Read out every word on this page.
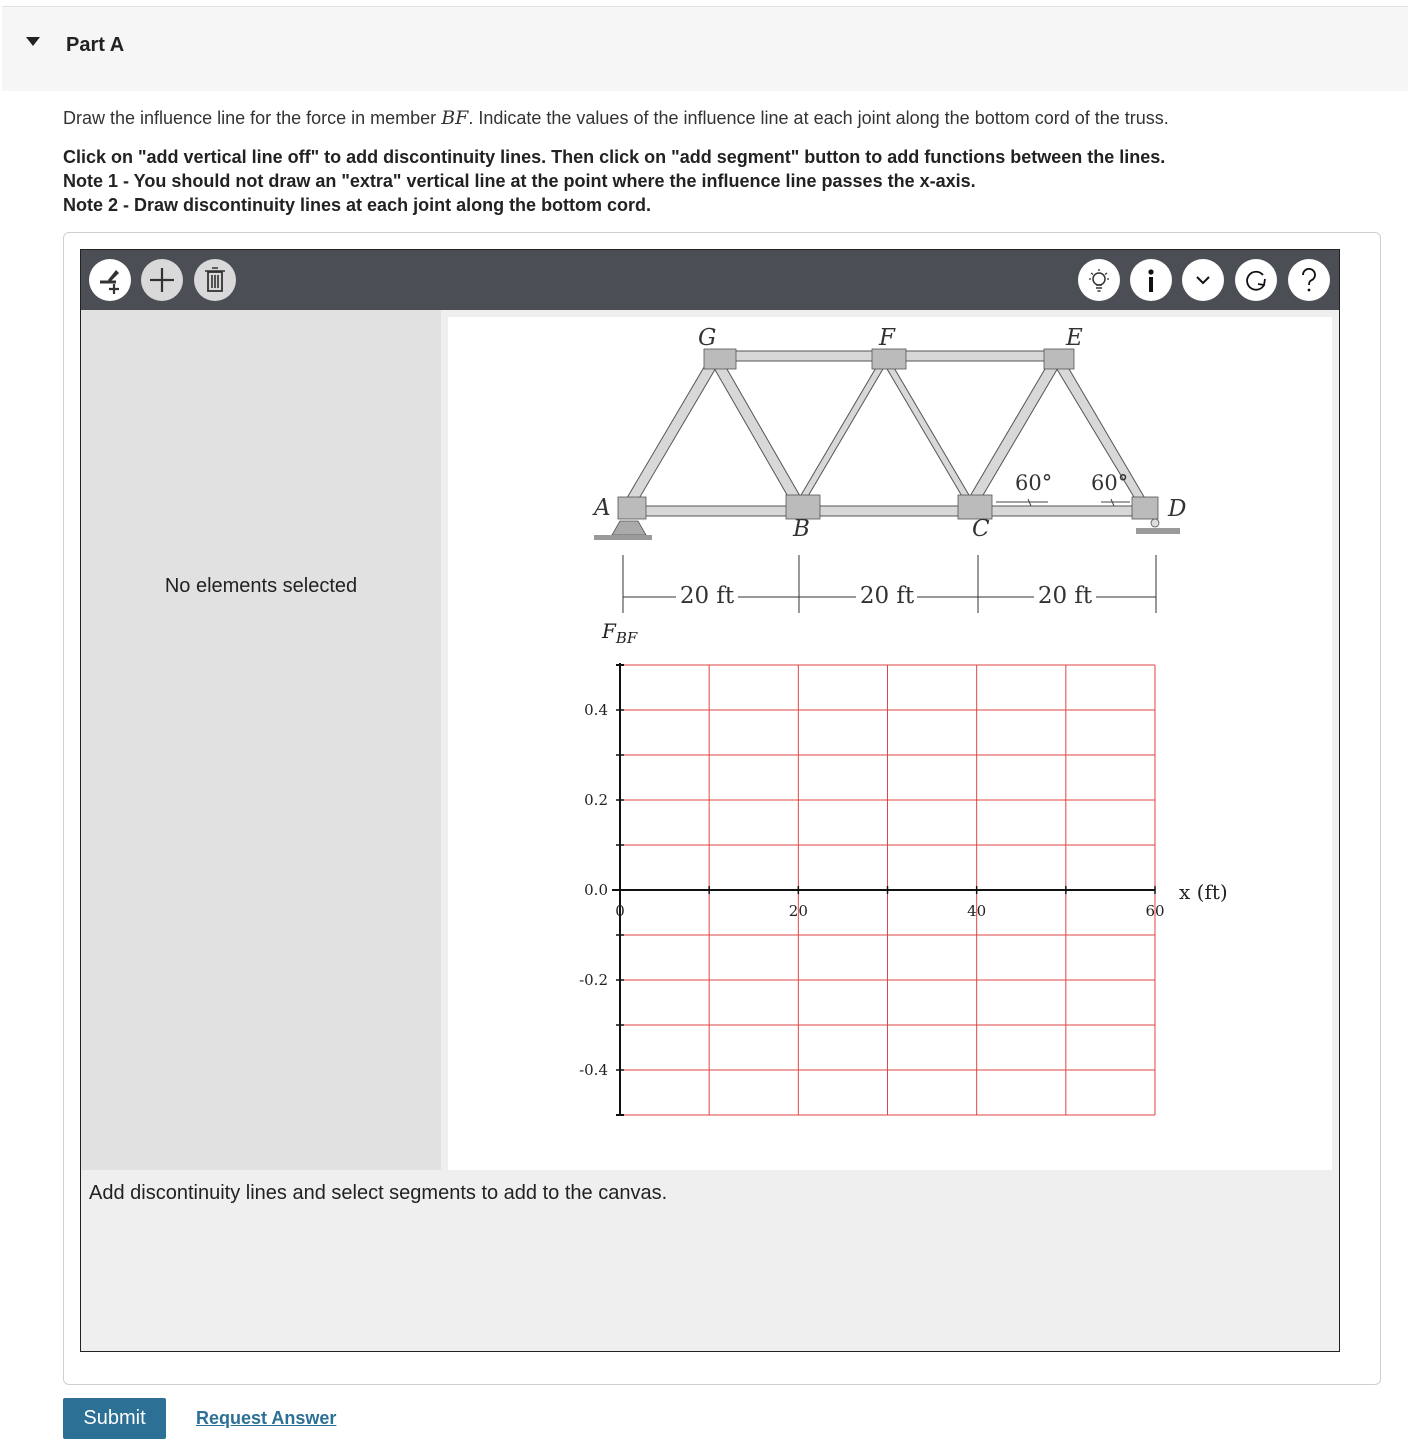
Part A
Draw the influence line for the force in member BF. Indicate the values of the influence line at each joint along the bottom cord of the truss.
Click on "add vertical line off" to add discontinuity lines. Then click on "add segment" button to add functions between the lines.
Note 1 - You should not draw an "extra" vertical line at the point where the influence line passes the x-axis.
Note 2 - Draw discontinuity lines at each joint along the bottom cord.
No elements selected
A
B	C
D
E
F
G
60° 60°
20 ft	20 ft	20 ft
$F_{BF}$
x (ft)
0.4
0.2
0.0
-0.2
-0.4
0	20	40	60
Add discontinuity lines and select segments to add to the canvas.
Submit	Request Answer
